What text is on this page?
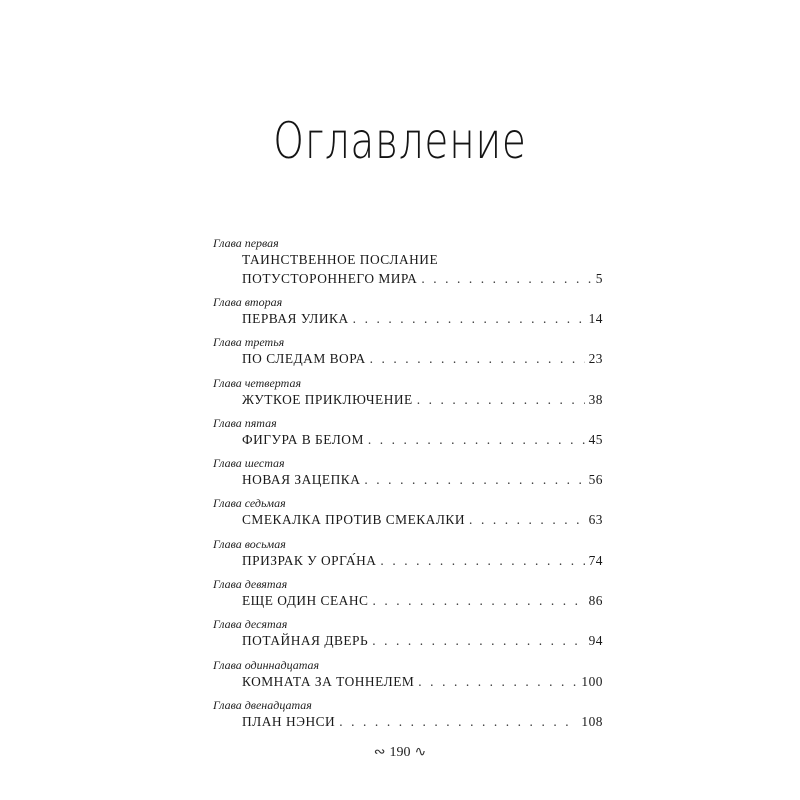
Оглавление
Глава первая
ТАИНСТВЕННОЕ ПОСЛАНИЕ
ПОТУСТОРОННЕГО МИРА . . .	5
Глава вторая
ПЕРВАЯ УЛИКА . . .	14
Глава третья
ПО СЛЕДАМ ВОРА . . .	23
Глава четвертая
ЖУТКОЕ ПРИКЛЮЧЕНИЕ . . .	38
Глава пятая
ФИГУРА В БЕЛОМ . . .	45
Глава шестая
НОВАЯ ЗАЦЕПКА . . .	56
Глава седьмая
СМЕКАЛКА ПРОТИВ СМЕКАЛКИ . . .	63
Глава восьмая
ПРИЗРАК У ОРГА́НА . . .	74
Глава девятая
ЕЩЕ ОДИН СЕАНС . . .	86
Глава десятая
ПОТАЙНАЯ ДВЕРЬ . . .	94
Глава одиннадцатая
КОМНАТА ЗА ТОННЕЛЕМ . . .	100
Глава двенадцатая
ПЛАН НЭНСИ . . .	108
∾ 190 ∿
